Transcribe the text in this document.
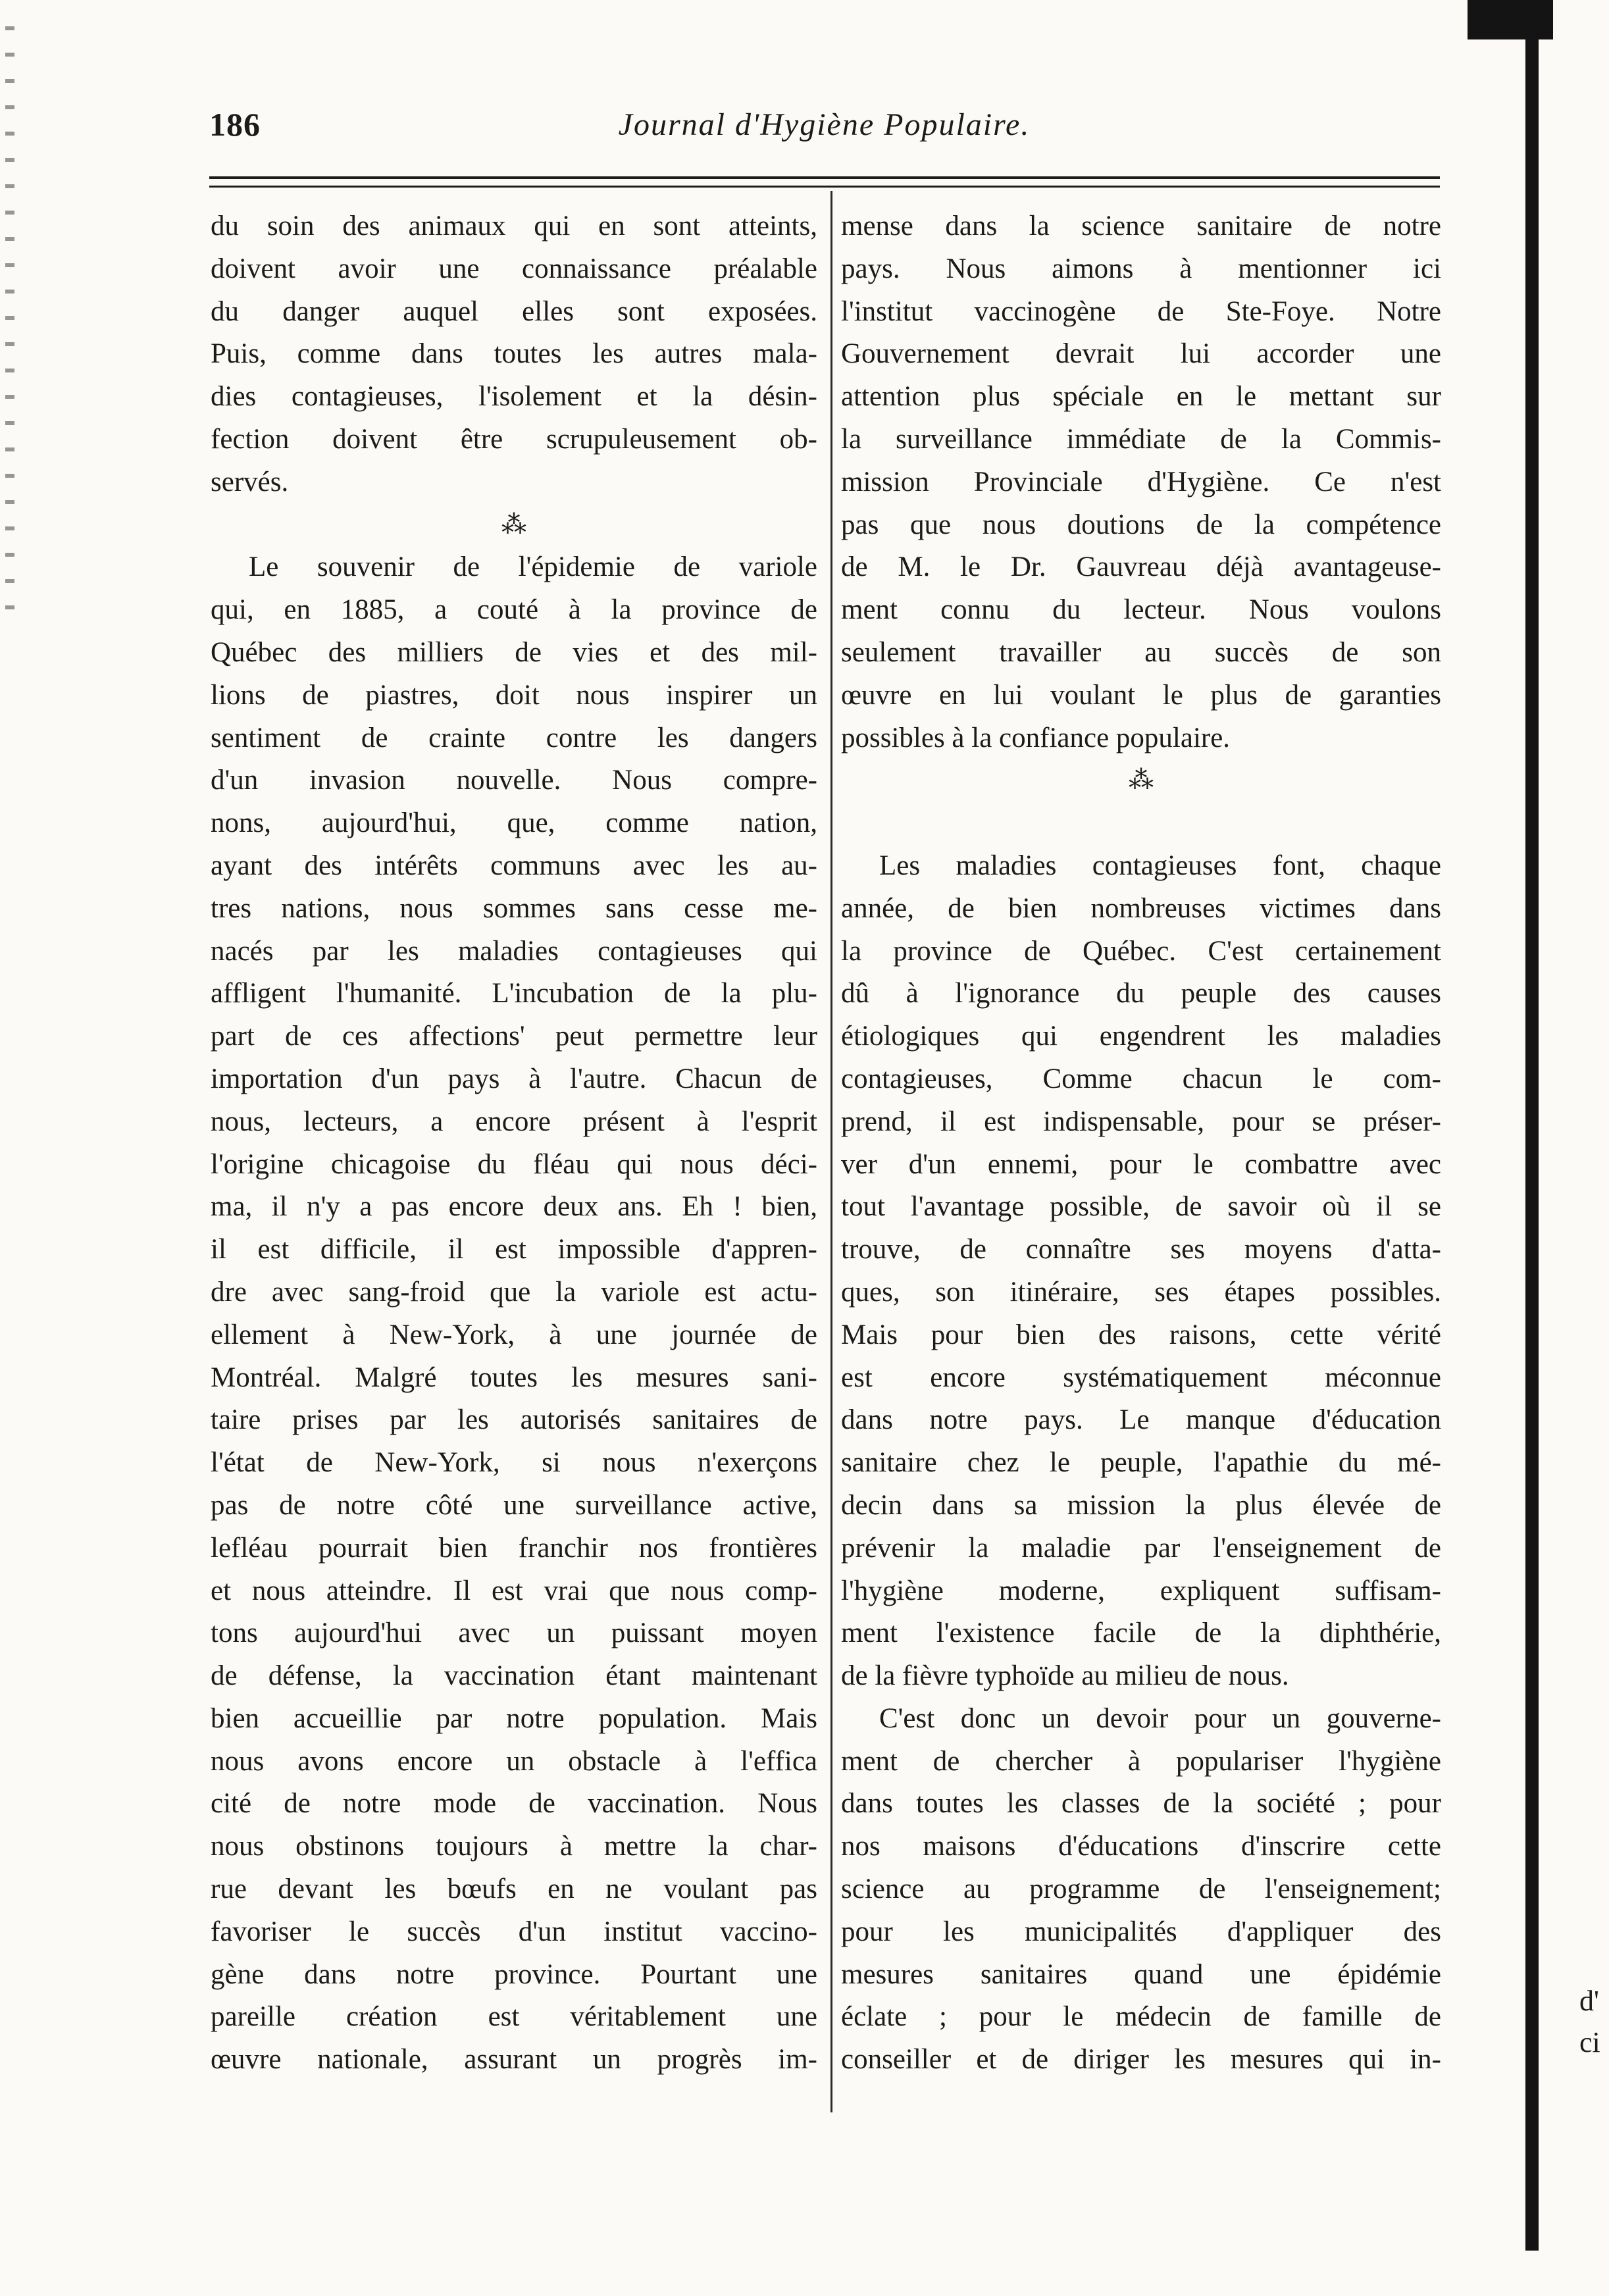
186	Journal d'Hygiène Populaire.
du soin des animaux qui en sont atteints,
doivent avoir une connaissance préalable
du danger auquel elles sont exposées.
Puis, comme dans toutes les autres mala-
dies contagieuses, l'isolement et la désin-
fection doivent être scrupuleusement ob-
servés.
⁂
Le souvenir de l'épidemie de variole
qui, en 1885, a couté à la province de
Québec des milliers de vies et des mil-
lions de piastres, doit nous inspirer un
sentiment de crainte contre les dangers
d'un invasion nouvelle. Nous compre-
nons, aujourd'hui, que, comme nation,
ayant des intérêts communs avec les au-
tres nations, nous sommes sans cesse me-
nacés par les maladies contagieuses qui
affligent l'humanité. L'incubation de la plu-
part de ces affections' peut permettre leur
importation d'un pays à l'autre. Chacun de
nous, lecteurs, a encore présent à l'esprit
l'origine chicagoise du fléau qui nous déci-
ma, il n'y a pas encore deux ans. Eh ! bien,
il est difficile, il est impossible d'appren-
dre avec sang-froid que la variole est actu-
ellement à New-York, à une journée de
Montréal. Malgré toutes les mesures sani-
taire prises par les autorisés sanitaires de
l'état de New-York, si nous n'exerçons
pas de notre côté une surveillance active,
lefléau pourrait bien franchir nos frontières
et nous atteindre. Il est vrai que nous comp-
tons aujourd'hui avec un puissant moyen
de défense, la vaccination étant maintenant
bien accueillie par notre population. Mais
nous avons encore un obstacle à l'effica
cité de notre mode de vaccination. Nous
nous obstinons toujours à mettre la char-
rue devant les bœufs en ne voulant pas
favoriser le succès d'un institut vaccino-
gène dans notre province. Pourtant une
pareille création est véritablement une
œuvre nationale, assurant un progrès im-
mense dans la science sanitaire de notre
pays. Nous aimons à mentionner ici
l'institut vaccinogène de Ste-Foye. Notre
Gouvernement devrait lui accorder une
attention plus spéciale en le mettant sur
la surveillance immédiate de la Commis-
mission Provinciale d'Hygiène. Ce n'est
pas que nous doutions de la compétence
de M. le Dr. Gauvreau déjà avantageuse-
ment connu du lecteur. Nous voulons
seulement travailler au succès de son
œuvre en lui voulant le plus de garanties
possibles à la confiance populaire.
⁂
Les maladies contagieuses font, chaque
année, de bien nombreuses victimes dans
la province de Québec. C'est certainement
dû à l'ignorance du peuple des causes
étiologiques qui engendrent les maladies
contagieuses, Comme chacun le com-
prend, il est indispensable, pour se préser-
ver d'un ennemi, pour le combattre avec
tout l'avantage possible, de savoir où il se
trouve, de connaître ses moyens d'atta-
ques, son itinéraire, ses étapes possibles.
Mais pour bien des raisons, cette vérité
est encore systématiquement méconnue
dans notre pays. Le manque d'éducation
sanitaire chez le peuple, l'apathie du mé-
decin dans sa mission la plus élevée de
prévenir la maladie par l'enseignement de
l'hygiène moderne, expliquent suffisam-
ment l'existence facile de la diphthérie,
de la fièvre typhoïde au milieu de nous.
C'est donc un devoir pour un gouverne-
ment de chercher à populariser l'hygiène
dans toutes les classes de la société ; pour
nos maisons d'éducations d'inscrire cette
science au programme de l'enseignement;
pour les municipalités d'appliquer des
mesures sanitaires quand une épidémie
éclate ; pour le médecin de famille de
conseiller et de diriger les mesures qui in-
d'
ci
